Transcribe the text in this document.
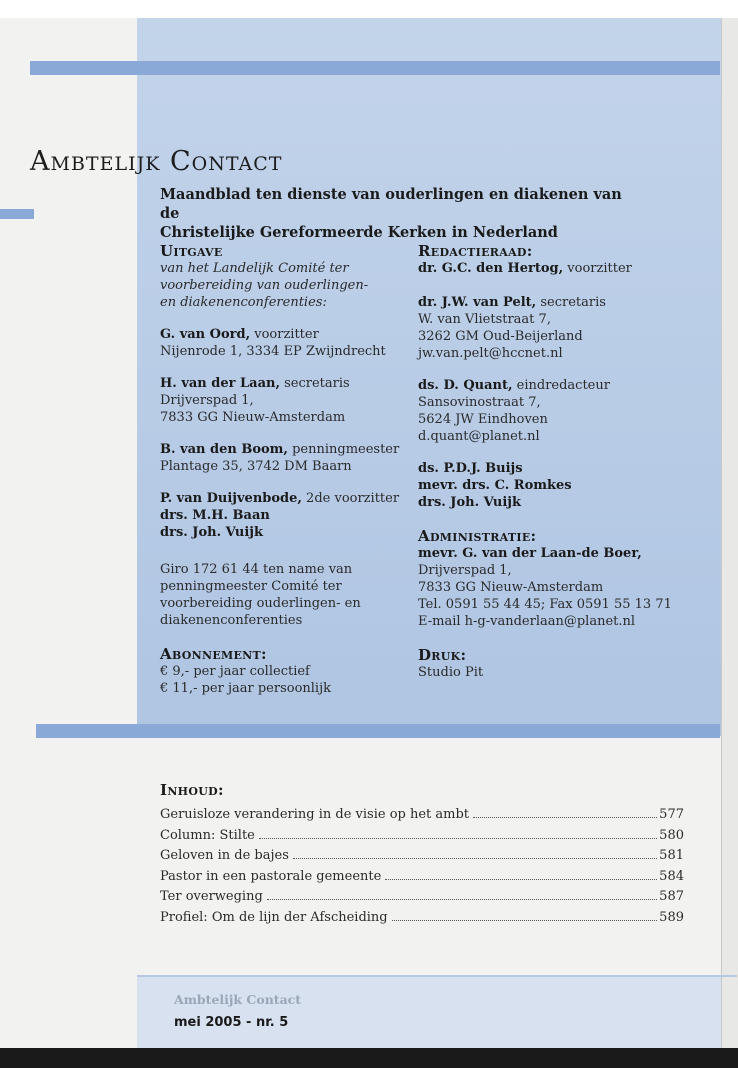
Ambtelijk Contact
Maandblad ten dienste van ouderlingen en diakenen van de
Christelijke Gereformeerde Kerken in Nederland
Uitgave
van het Landelijk Comité ter
voorbereiding van ouderlingen-
en diakenenconferenties:
G. van Oord, voorzitter
Nijenrode 1, 3334 EP Zwijndrecht
H. van der Laan, secretaris
Drijverspad 1,
7833 GG Nieuw-Amsterdam
B. van den Boom, penningmeester
Plantage 35, 3742 DM Baarn
P. van Duijvenbode, 2de voorzitter
drs. M.H. Baan
drs. Joh. Vuijk
Giro 172 61 44 ten name van
penningmeester Comité ter
voorbereiding ouderlingen- en
diakenenconferenties
Abonnement:
€ 9,- per jaar collectief
€ 11,- per jaar persoonlijk
Redactieraad:
dr. G.C. den Hertog, voorzitter
dr. J.W. van Pelt, secretaris
W. van Vlietstraat 7,
3262 GM Oud-Beijerland
jw.van.pelt@hccnet.nl
ds. D. Quant, eindredacteur
Sansovinostraat 7,
5624 JW Eindhoven
d.quant@planet.nl
ds. P.D.J. Buijs
mevr. drs. C. Romkes
drs. Joh. Vuijk
Administratie:
mevr. G. van der Laan-de Boer,
Drijverspad 1,
7833 GG Nieuw-Amsterdam
Tel. 0591 55 44 45; Fax 0591 55 13 71
E-mail h-g-vanderlaan@planet.nl
Druk:
Studio Pit
Inhoud:
Geruisloze verandering in de visie op het ambt	577
Column: Stilte	580
Geloven in de bajes	581
Pastor in een pastorale gemeente	584
Ter overweging	587
Profiel: Om de lijn der Afscheiding	589
Ambtelijk Contact
mei 2005 - nr. 5
